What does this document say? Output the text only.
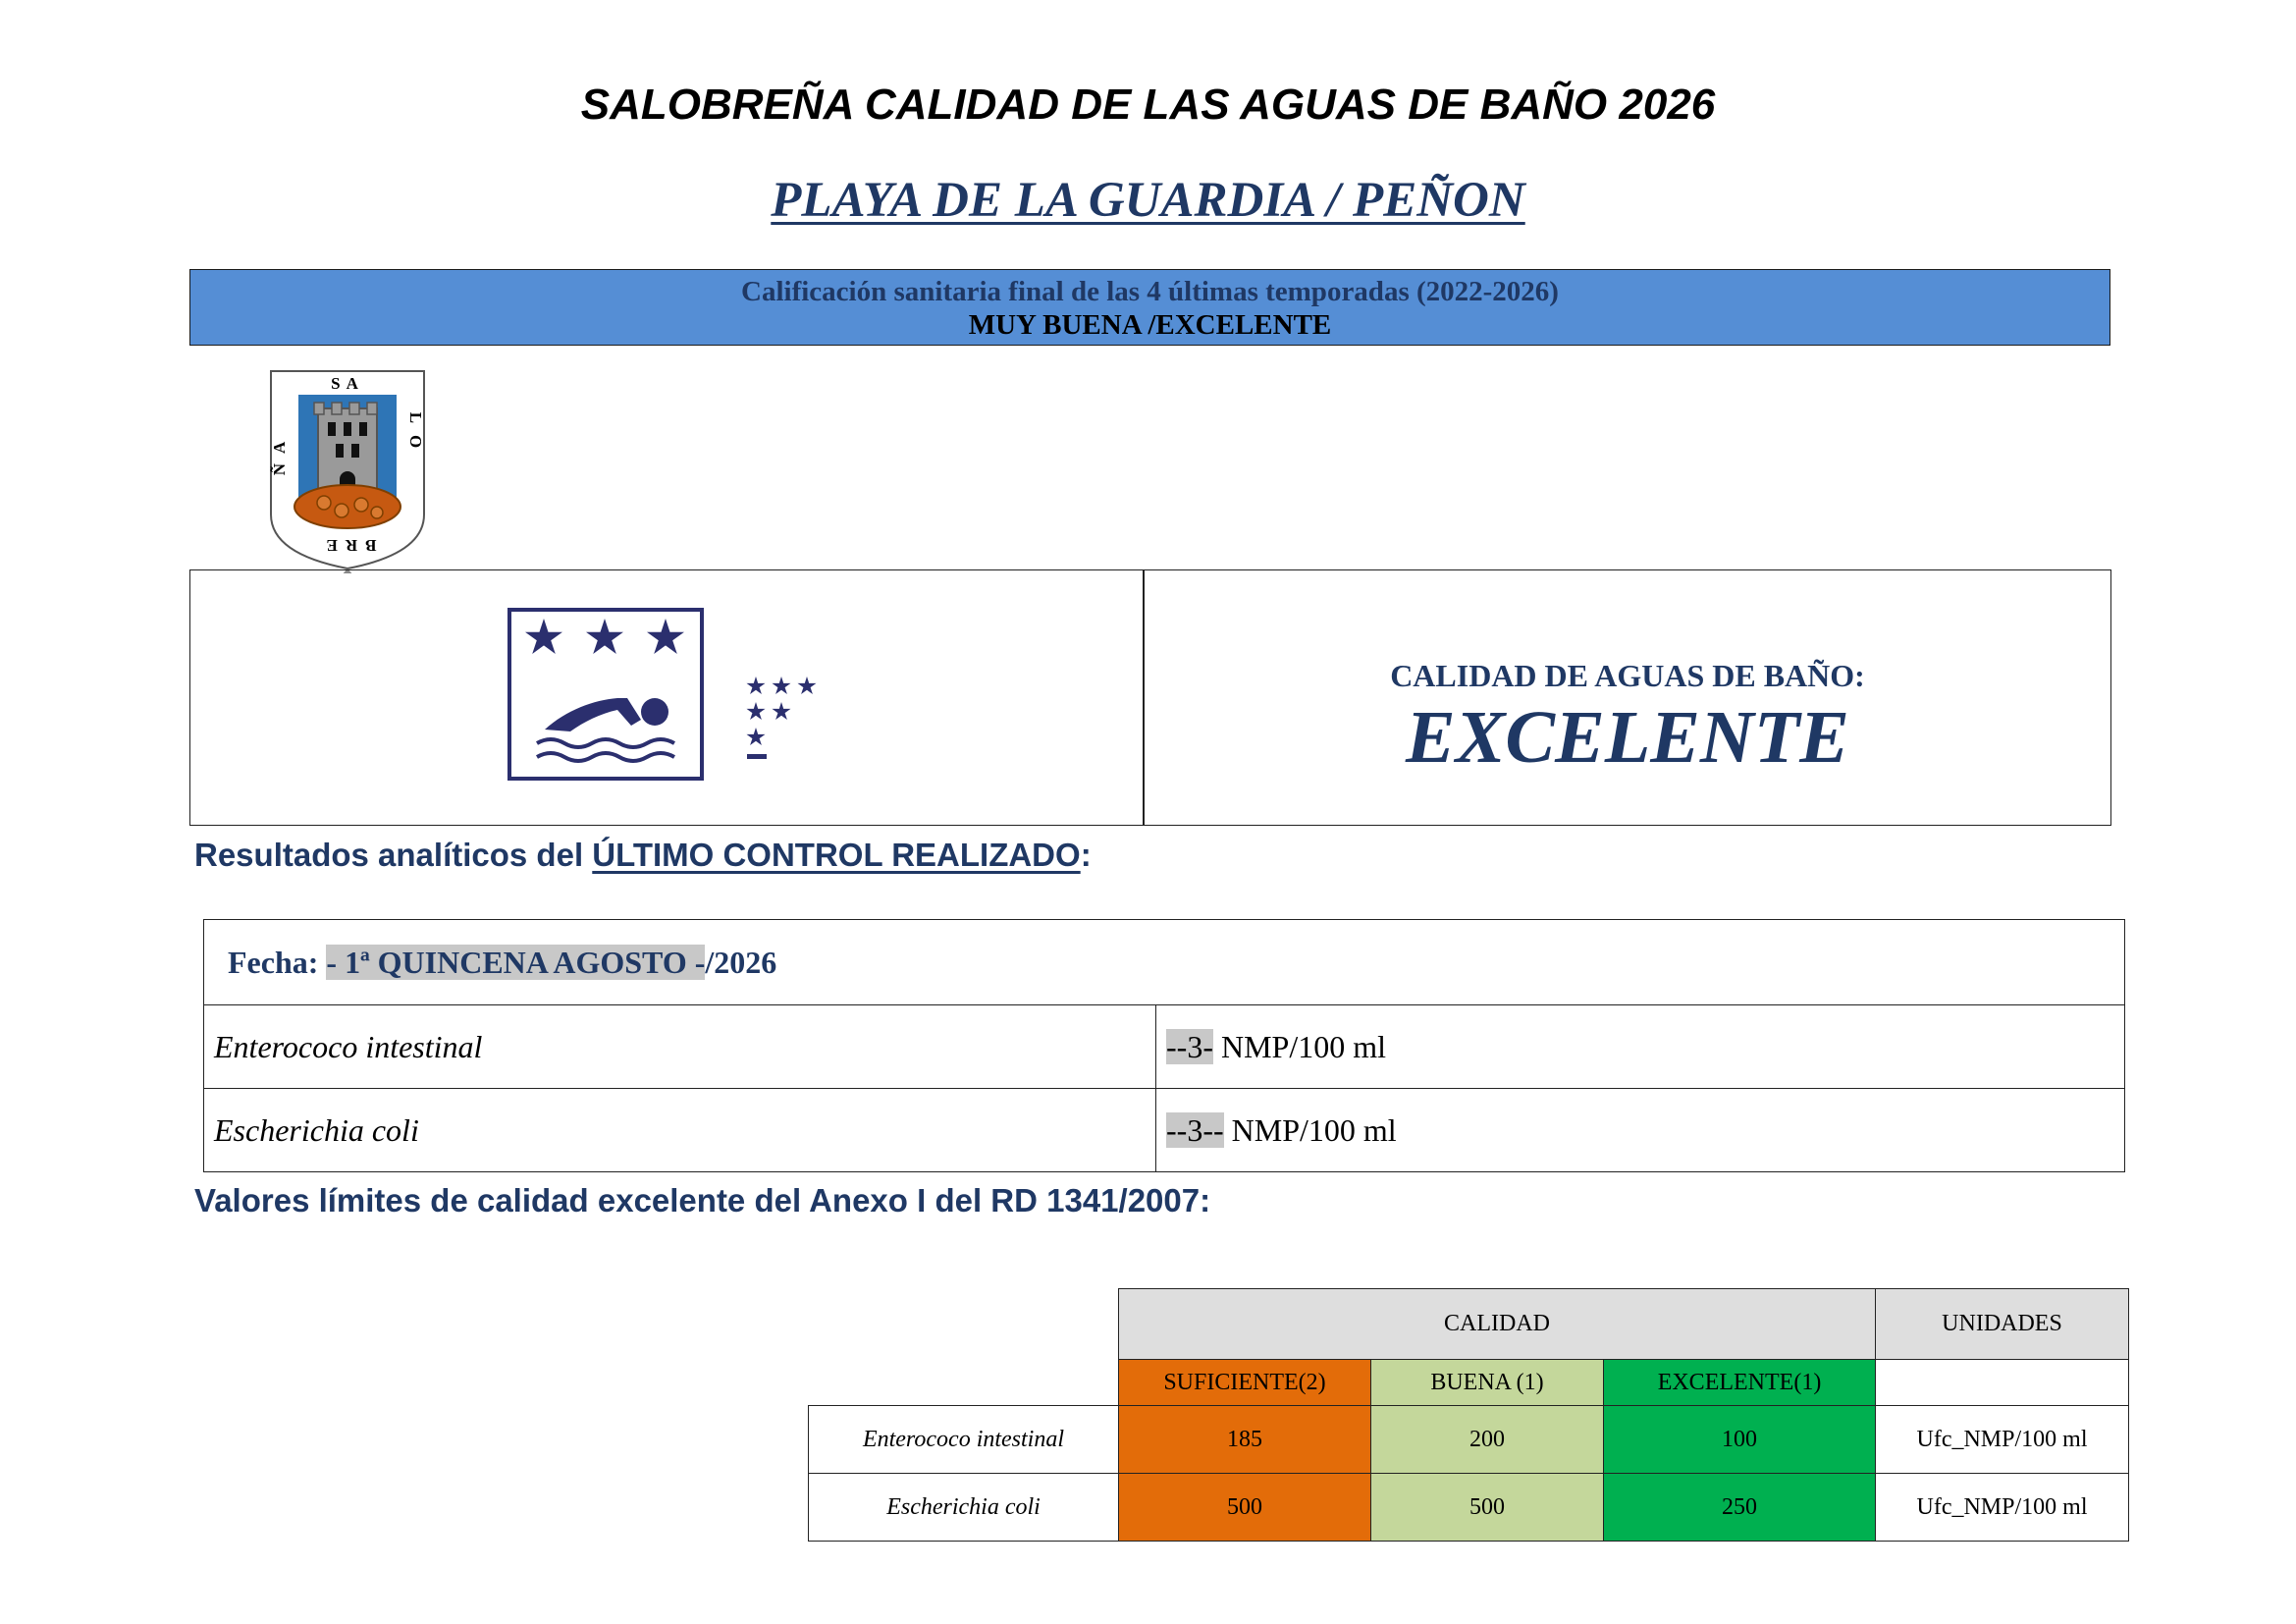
SALOBREÑA CALIDAD DE LAS AGUAS DE BAÑO 2026
PLAYA DE LA GUARDIA / PEÑON
Calificación sanitaria final de las 4 últimas temporadas (2022-2026)
MUY BUENA /EXCELENTE
SA
LO
ÑA
BRE
CALIDAD DE AGUAS DE BAÑO:
EXCELENTE
Resultados analíticos del ÚLTIMO CONTROL REALIZADO:
Fecha: - 1ª QUINCENA AGOSTO -/2026	
Enterococo intestinal	--3- NMP/100 ml
Escherichia coli	--3-- NMP/100 ml
Valores límites de calidad excelente del Anexo I del RD 1341/2007:
	CALIDAD			UNIDADES
	SUFICIENTE(2)	BUENA (1)	EXCELENTE(1)	
Enterococo intestinal	185	200	100	Ufc_NMP/100 ml
Escherichia coli	500	500	250	Ufc_NMP/100 ml
